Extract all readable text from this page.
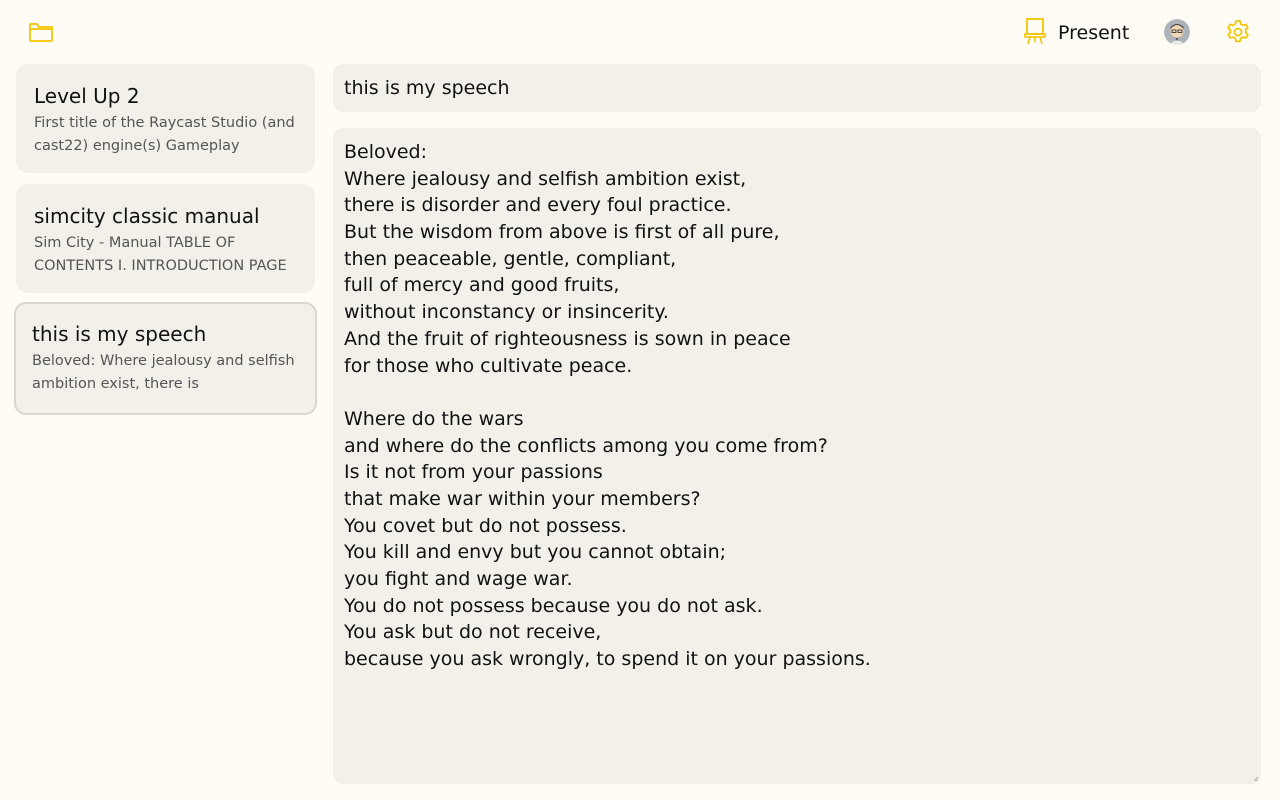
Present
Level Up 2
First title of the Raycast Studio (and cast22) engine(s) Gameplay
simcity classic manual
Sim City - Manual TABLE OF CONTENTS I. INTRODUCTION PAGE
this is my speech
Beloved: Where jealousy and selfish ambition exist, there is
this is my speech
Beloved:
Where jealousy and selfish ambition exist,
there is disorder and every foul practice.
But the wisdom from above is first of all pure,
then peaceable, gentle, compliant,
full of mercy and good fruits,
without inconstancy or insincerity.
And the fruit of righteousness is sown in peace
for those who cultivate peace.
Where do the wars
and where do the conflicts among you come from?
Is it not from your passions
that make war within your members?
You covet but do not possess.
You kill and envy but you cannot obtain;
you fight and wage war.
You do not possess because you do not ask.
You ask but do not receive,
because you ask wrongly, to spend it on your passions.
